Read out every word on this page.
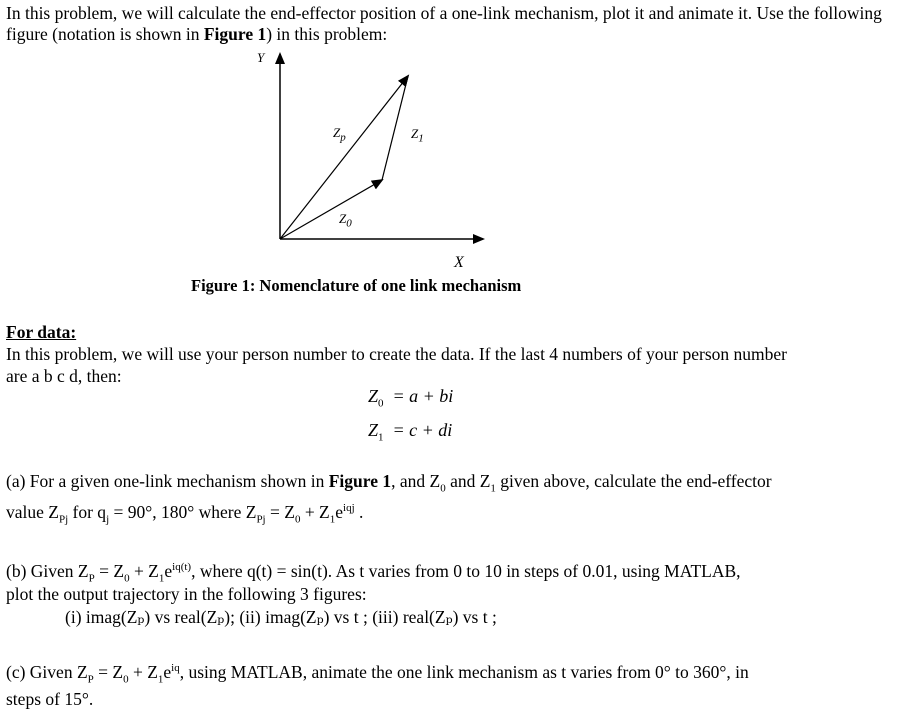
In this problem, we will calculate the end-effector position of a one-link mechanism, plot it and animate it. Use the following
figure (notation is shown in Figure 1) in this problem:
Y
X
$Z_p$	$Z_1$
$Z_0$
Figure 1: Nomenclature of one link mechanism
For data:
In this problem, we will use your person number to create the data. If the last 4 numbers of your person number
are a b c d, then:
$Z_0 = a$ + bi
$Z_1 = c$ + di
(a) For a given one-link mechanism shown in Figure 1, and $Z_0$ and $Z_1$ given above, calculate the end-effector
value $Z_{Pj}$ for $q_j = 90^\circ$, 180° where $Z_{Pj} = Z_0 + Z_1e^{iqj}$ .
(b) Given $Z_P = Z_0 + Z_1e^{iq(t)}$, where q(t) = sin(t). As t varies from 0 to 10 in steps of 0.01, using MATLAB,
plot the output trajectory in the following 3 figures:
(i) imag(Zₚ) vs real(Zₚ); (ii) imag(Zₚ) vs t ; (iii) real(Zₚ) vs t ;
(c) Given $Z_P = Z_0 + Z_1e^{iq}$, using MATLAB, animate the one link mechanism as t varies from 0° to 360°, in
steps of 15°.
